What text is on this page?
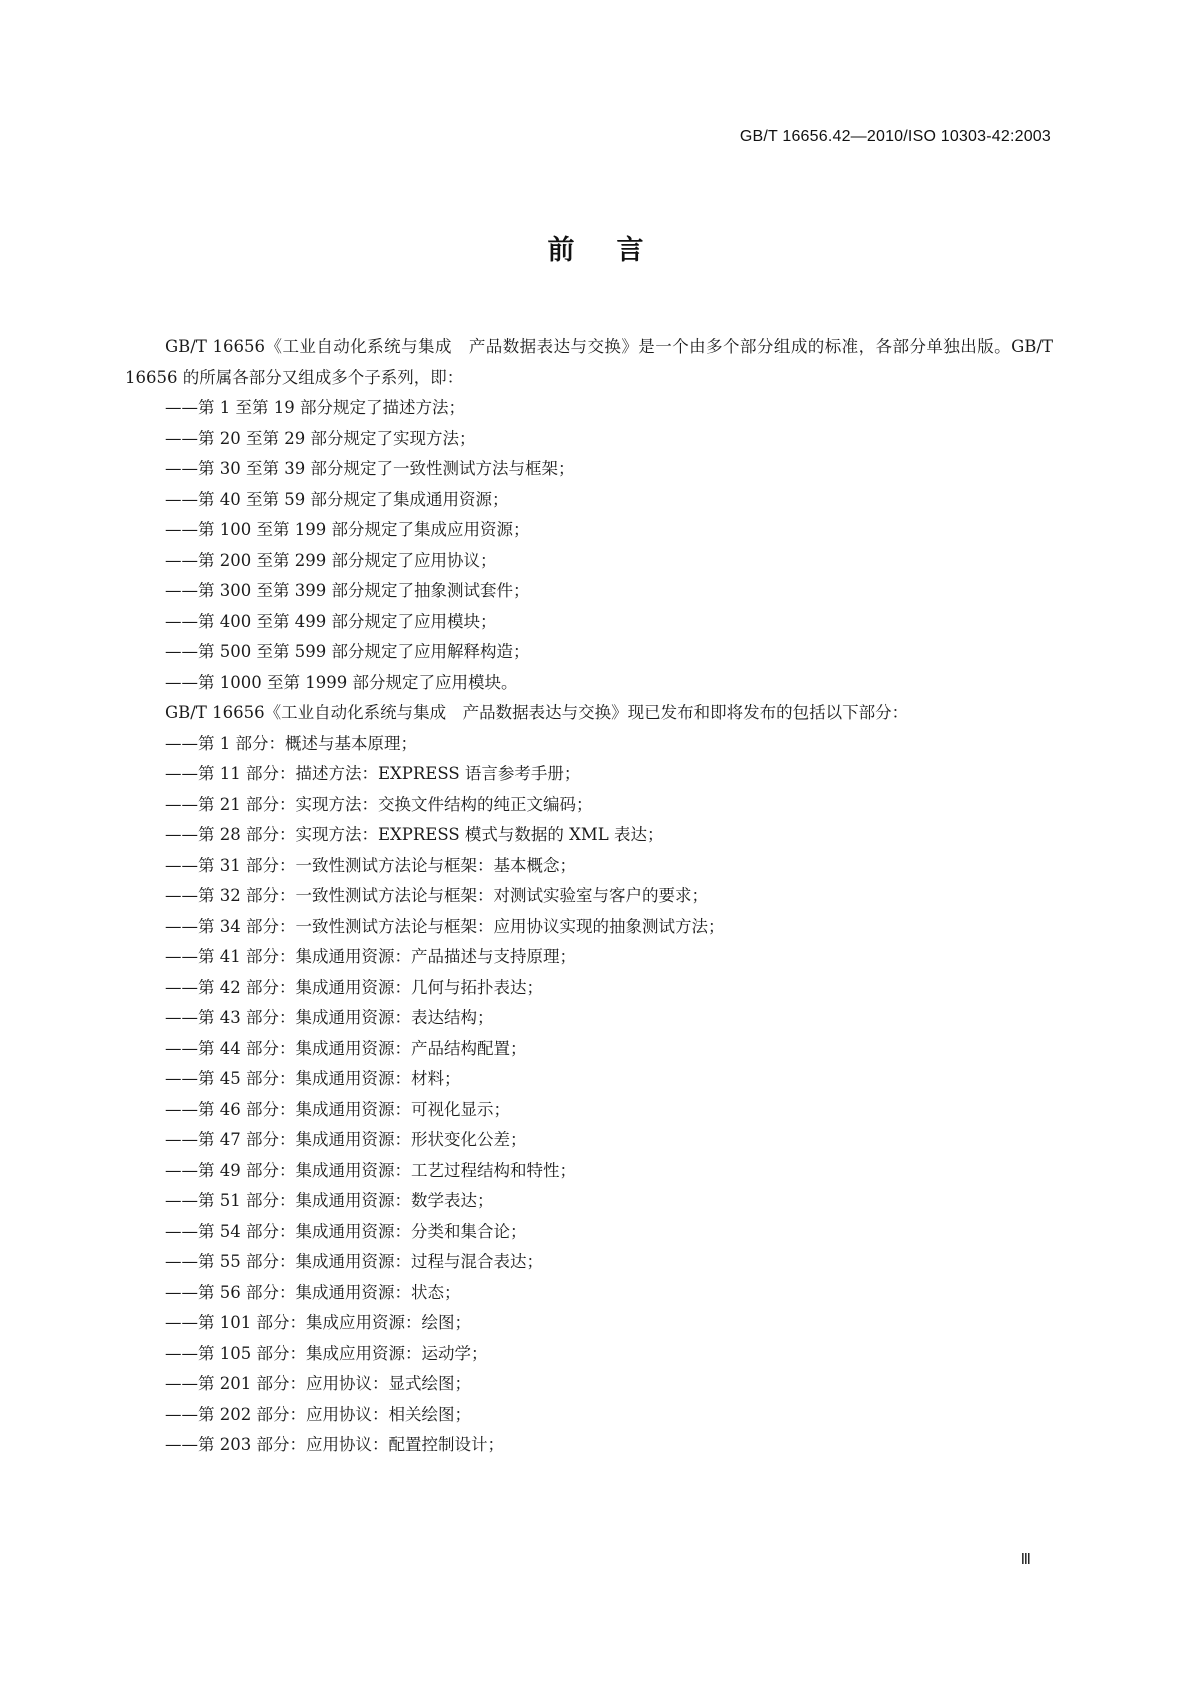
GB/T 16656.42—2010/ISO 10303-42:2003
前言

GB/T 16656《工业自动化系统与集成　产品数据表达与交换》是一个由多个部分组成的标准，各部分单独出版。GB/T 16656 的所属各部分又组成多个子系列，即：

——第 1 至第 19 部分规定了描述方法；
——第 20 至第 29 部分规定了实现方法；
——第 30 至第 39 部分规定了一致性测试方法与框架；
——第 40 至第 59 部分规定了集成通用资源；
——第 100 至第 199 部分规定了集成应用资源；
——第 200 至第 299 部分规定了应用协议；
——第 300 至第 399 部分规定了抽象测试套件；
——第 400 至第 499 部分规定了应用模块；
——第 500 至第 599 部分规定了应用解释构造；
——第 1000 至第 1999 部分规定了应用模块。

GB/T 16656《工业自动化系统与集成　产品数据表达与交换》现已发布和即将发布的包括以下部分：

——第 1 部分：概述与基本原理；
——第 11 部分：描述方法：EXPRESS 语言参考手册；
——第 21 部分：实现方法：交换文件结构的纯正文编码；
——第 28 部分：实现方法：EXPRESS 模式与数据的 XML 表达；
——第 31 部分：一致性测试方法论与框架：基本概念；
——第 32 部分：一致性测试方法论与框架：对测试实验室与客户的要求；
——第 34 部分：一致性测试方法论与框架：应用协议实现的抽象测试方法；
——第 41 部分：集成通用资源：产品描述与支持原理；
——第 42 部分：集成通用资源：几何与拓扑表达；
——第 43 部分：集成通用资源：表达结构；
——第 44 部分：集成通用资源：产品结构配置；
——第 45 部分：集成通用资源：材料；
——第 46 部分：集成通用资源：可视化显示；
——第 47 部分：集成通用资源：形状变化公差；
——第 49 部分：集成通用资源：工艺过程结构和特性；
——第 51 部分：集成通用资源：数学表达；
——第 54 部分：集成通用资源：分类和集合论；
——第 55 部分：集成通用资源：过程与混合表达；
——第 56 部分：集成通用资源：状态；
——第 101 部分：集成应用资源：绘图；
——第 105 部分：集成应用资源：运动学；
——第 201 部分：应用协议：显式绘图；
——第 202 部分：应用协议：相关绘图；
——第 203 部分：应用协议：配置控制设计；
Ⅲ
